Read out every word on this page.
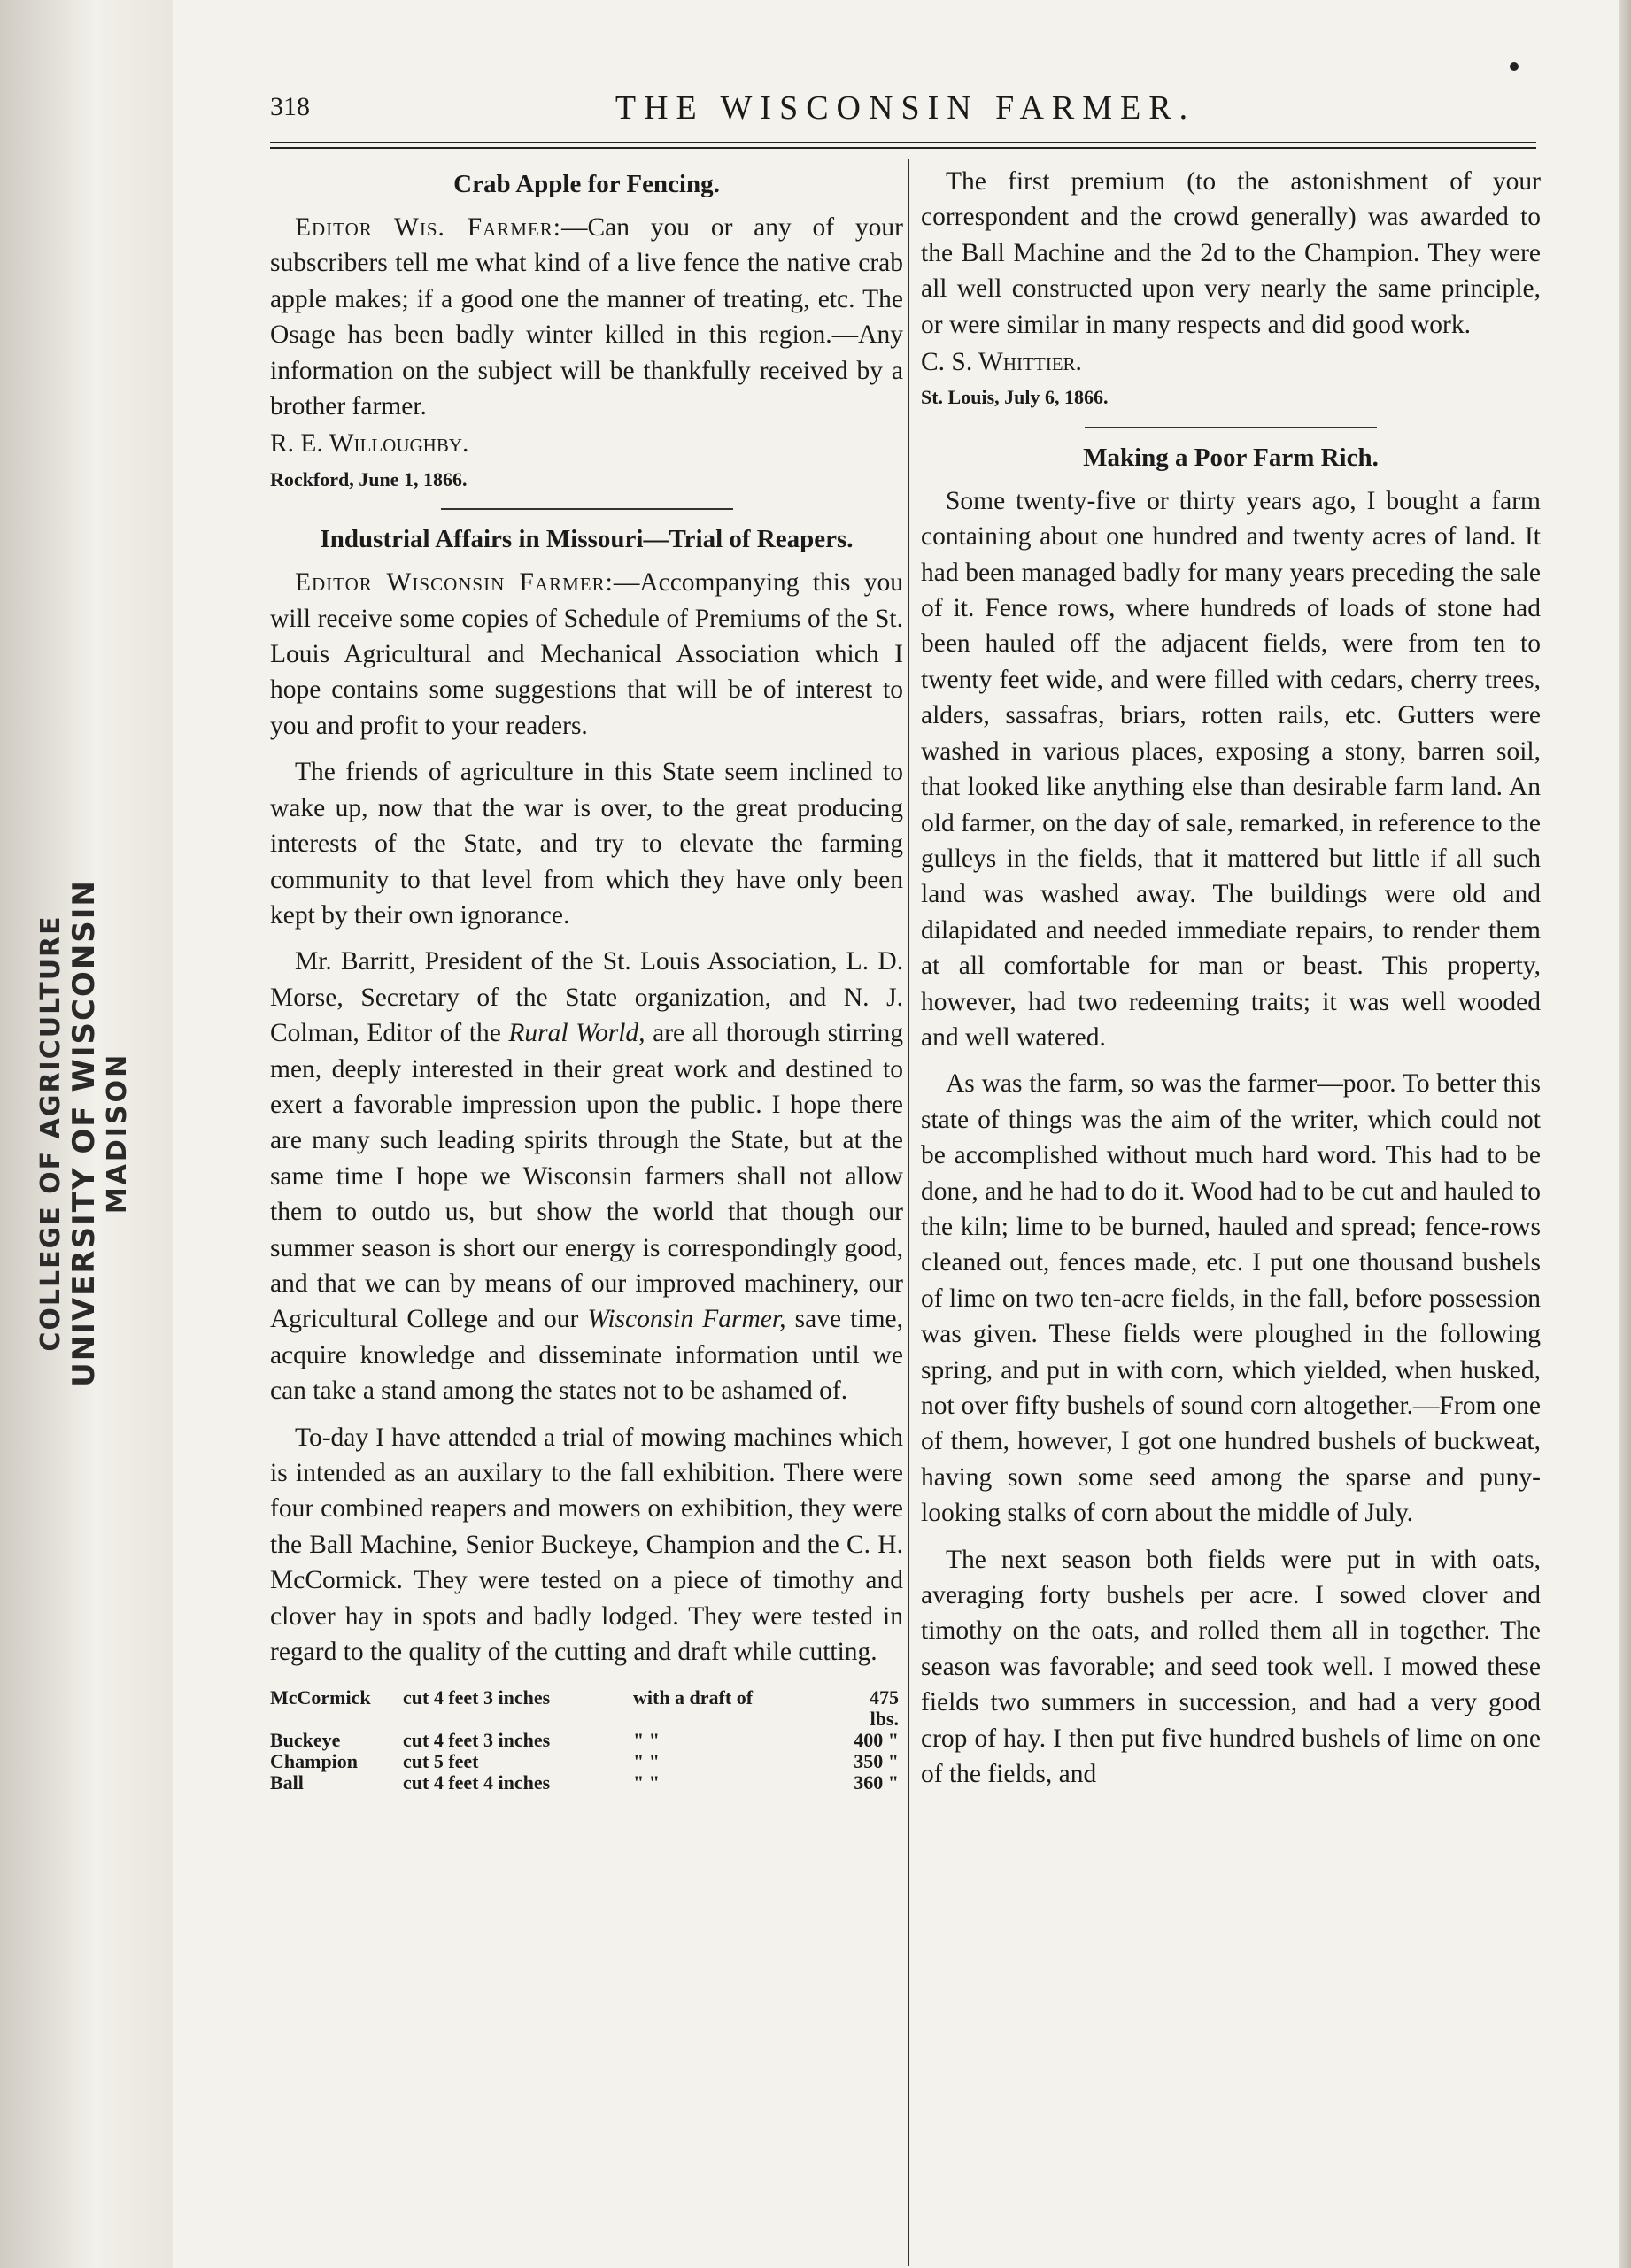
COLLEGE OF AGRICULTURE UNIVERSITY OF WISCONSIN MADISON
318	THE WISCONSIN FARMER.
Crab Apple for Fencing.

Editor Wis. Farmer:—Can you or any of your subscribers tell me what kind of a live fence the native crab apple makes; if a good one the manner of treating, etc. The Osage has been badly winter killed in this region.—Any information on the subject will be thankfully received by a brother farmer.

R. E. Willoughby.

Rockford, June 1, 1866.

Industrial Affairs in Missouri—Trial of Reapers.

Editor Wisconsin Farmer:—Accompanying this you will receive some copies of Schedule of Premiums of the St. Louis Agricultural and Mechanical Association which I hope contains some suggestions that will be of interest to you and profit to your readers.

The friends of agriculture in this State seem inclined to wake up, now that the war is over, to the great producing interests of the State, and try to elevate the farming community to that level from which they have only been kept by their own ignorance.

Mr. Barritt, President of the St. Louis Association, L. D. Morse, Secretary of the State organization, and N. J. Colman, Editor of the Rural World, are all thorough stirring men, deeply interested in their great work and destined to exert a favorable impression upon the public. I hope there are many such leading spirits through the State, but at the same time I hope we Wisconsin farmers shall not allow them to outdo us, but show the world that though our summer season is short our energy is correspondingly good, and that we can by means of our improved machinery, our Agricultural College and our Wisconsin Farmer, save time, acquire knowledge and disseminate information until we can take a stand among the states not to be ashamed of.

To-day I have attended a trial of mowing machines which is intended as an auxilary to the fall exhibition. There were four combined reapers and mowers on exhibition, they were the Ball Machine, Senior Buckeye, Champion and the C. H. McCormick. They were tested on a piece of timothy and clover hay in spots and badly lodged. They were tested in regard to the quality of the cutting and draft while cutting.

McCormick	cut 4 feet 3 inches	with a draft of	475 lbs.
Buckeye	cut 4 feet 3 inches	" "	400 "
Champion	cut 5 feet	" "	350 "
Ball	cut 4 feet 4 inches	" "	360 "

The first premium (to the astonishment of your correspondent and the crowd generally) was awarded to the Ball Machine and the 2d to the Champion. They were all well constructed upon very nearly the same principle, or were similar in many respects and did good work.

C. S. Whittier.

St. Louis, July 6, 1866.

Making a Poor Farm Rich.

Some twenty-five or thirty years ago, I bought a farm containing about one hundred and twenty acres of land. It had been managed badly for many years preceding the sale of it. Fence rows, where hundreds of loads of stone had been hauled off the adjacent fields, were from ten to twenty feet wide, and were filled with cedars, cherry trees, alders, sassafras, briars, rotten rails, etc. Gutters were washed in various places, exposing a stony, barren soil, that looked like anything else than desirable farm land. An old farmer, on the day of sale, remarked, in reference to the gulleys in the fields, that it mattered but little if all such land was washed away. The buildings were old and dilapidated and needed immediate repairs, to render them at all comfortable for man or beast. This property, however, had two redeeming traits; it was well wooded and well watered.

As was the farm, so was the farmer—poor. To better this state of things was the aim of the writer, which could not be accomplished without much hard word. This had to be done, and he had to do it. Wood had to be cut and hauled to the kiln; lime to be burned, hauled and spread; fence-rows cleaned out, fences made, etc. I put one thousand bushels of lime on two ten-acre fields, in the fall, before possession was given. These fields were ploughed in the following spring, and put in with corn, which yielded, when husked, not over fifty bushels of sound corn altogether.—From one of them, however, I got one hundred bushels of buckweat, having sown some seed among the sparse and puny-looking stalks of corn about the middle of July.

The next season both fields were put in with oats, averaging forty bushels per acre. I sowed clover and timothy on the oats, and rolled them all in together. The season was favorable; and seed took well. I mowed these fields two summers in succession, and had a very good crop of hay. I then put five hundred bushels of lime on one of the fields, and
